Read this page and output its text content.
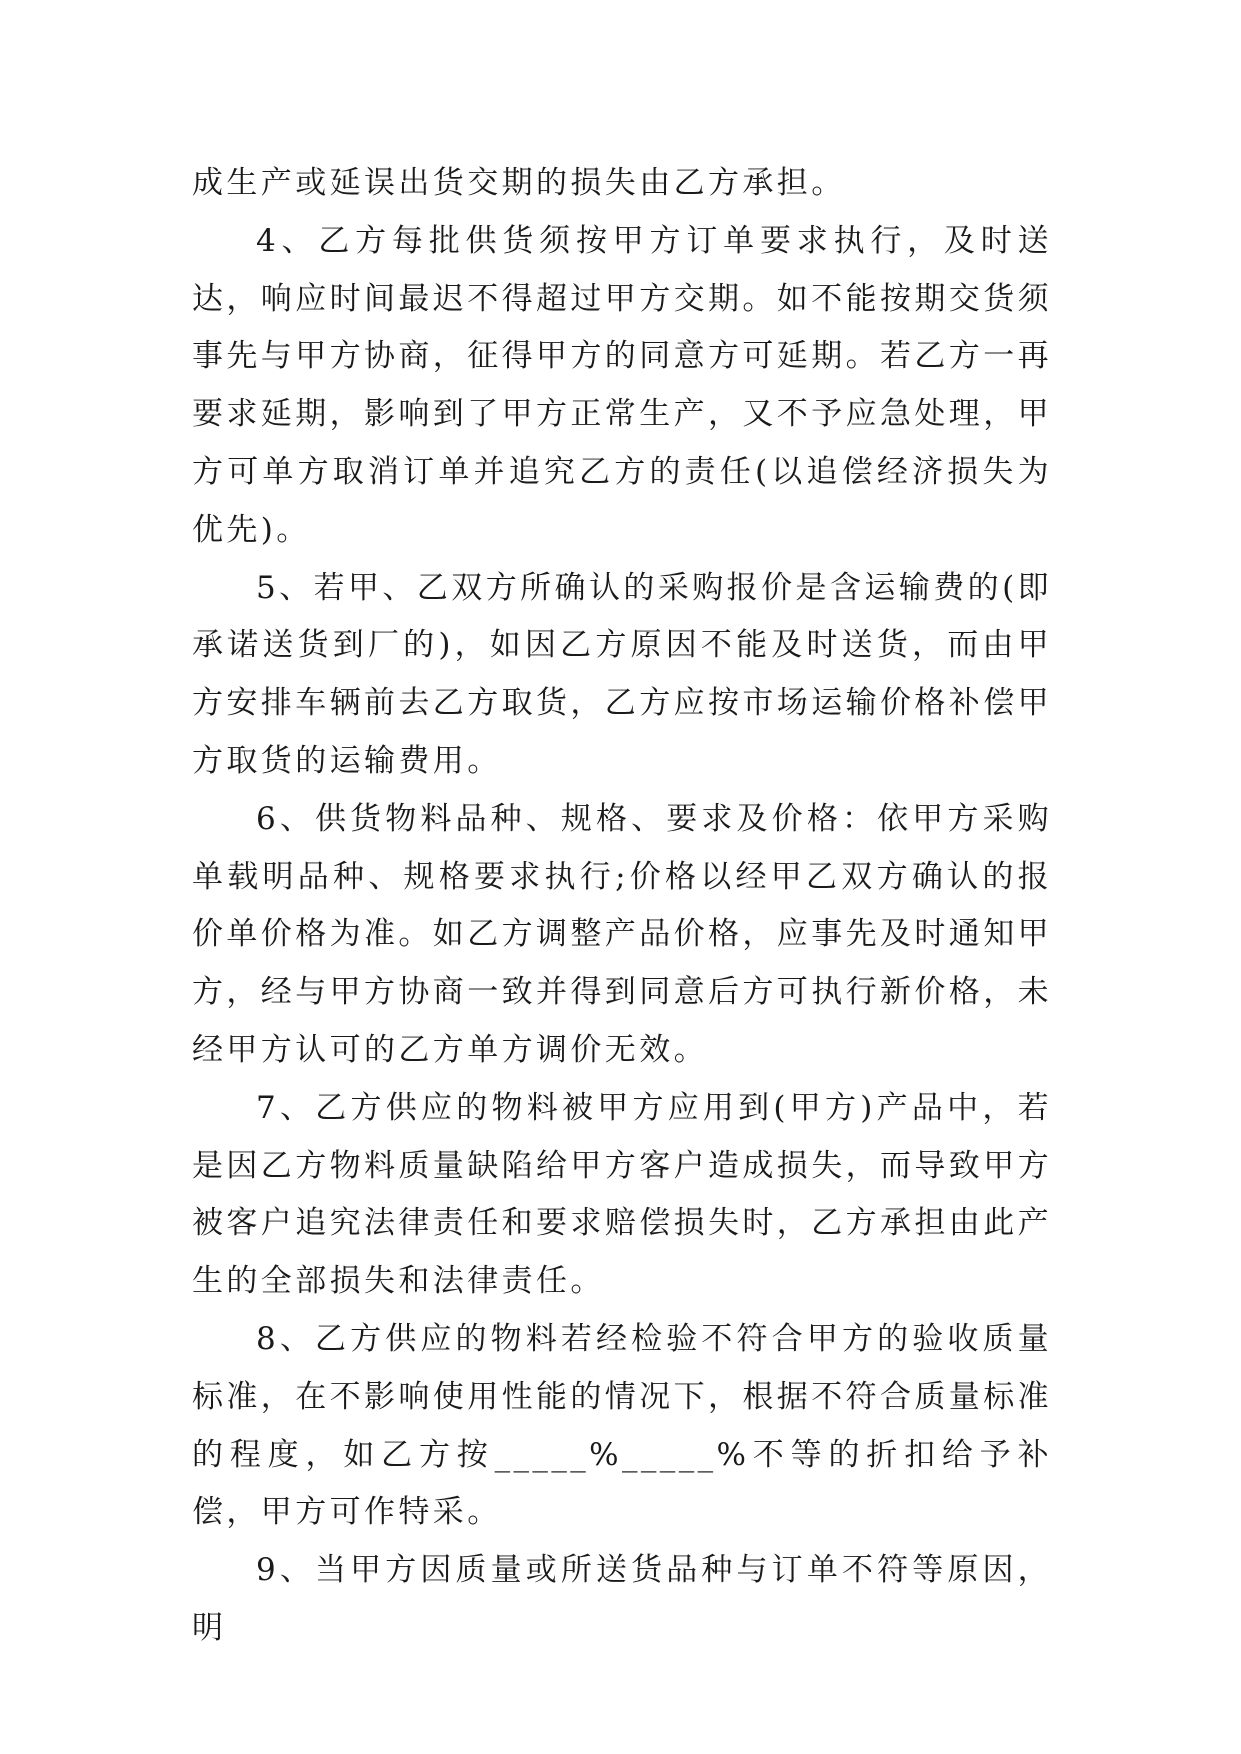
成生产或延误出货交期的损失由乙方承担。

4、乙方每批供货须按甲方订单要求执行，及时送达，响应时间最迟不得超过甲方交期。如不能按期交货须事先与甲方协商，征得甲方的同意方可延期。若乙方一再要求延期，影响到了甲方正常生产，又不予应急处理，甲方可单方取消订单并追究乙方的责任(以追偿经济损失为优先)。

5、若甲、乙双方所确认的采购报价是含运输费的(即承诺送货到厂的)，如因乙方原因不能及时送货，而由甲方安排车辆前去乙方取货，乙方应按市场运输价格补偿甲方取货的运输费用。

6、供货物料品种、规格、要求及价格：依甲方采购单载明品种、规格要求执行;价格以经甲乙双方确认的报价单价格为准。如乙方调整产品价格，应事先及时通知甲方，经与甲方协商一致并得到同意后方可执行新价格，未经甲方认可的乙方单方调价无效。

7、乙方供应的物料被甲方应用到(甲方)产品中，若是因乙方物料质量缺陷给甲方客户造成损失，而导致甲方被客户追究法律责任和要求赔偿损失时，乙方承担由此产生的全部损失和法律责任。

8、乙方供应的物料若经检验不符合甲方的验收质量标准，在不影响使用性能的情况下，根据不符合质量标准的程度，如乙方按_____%_____%不等的折扣给予补偿，甲方可作特采。

9、当甲方因质量或所送货品种与订单不符等原因，明
